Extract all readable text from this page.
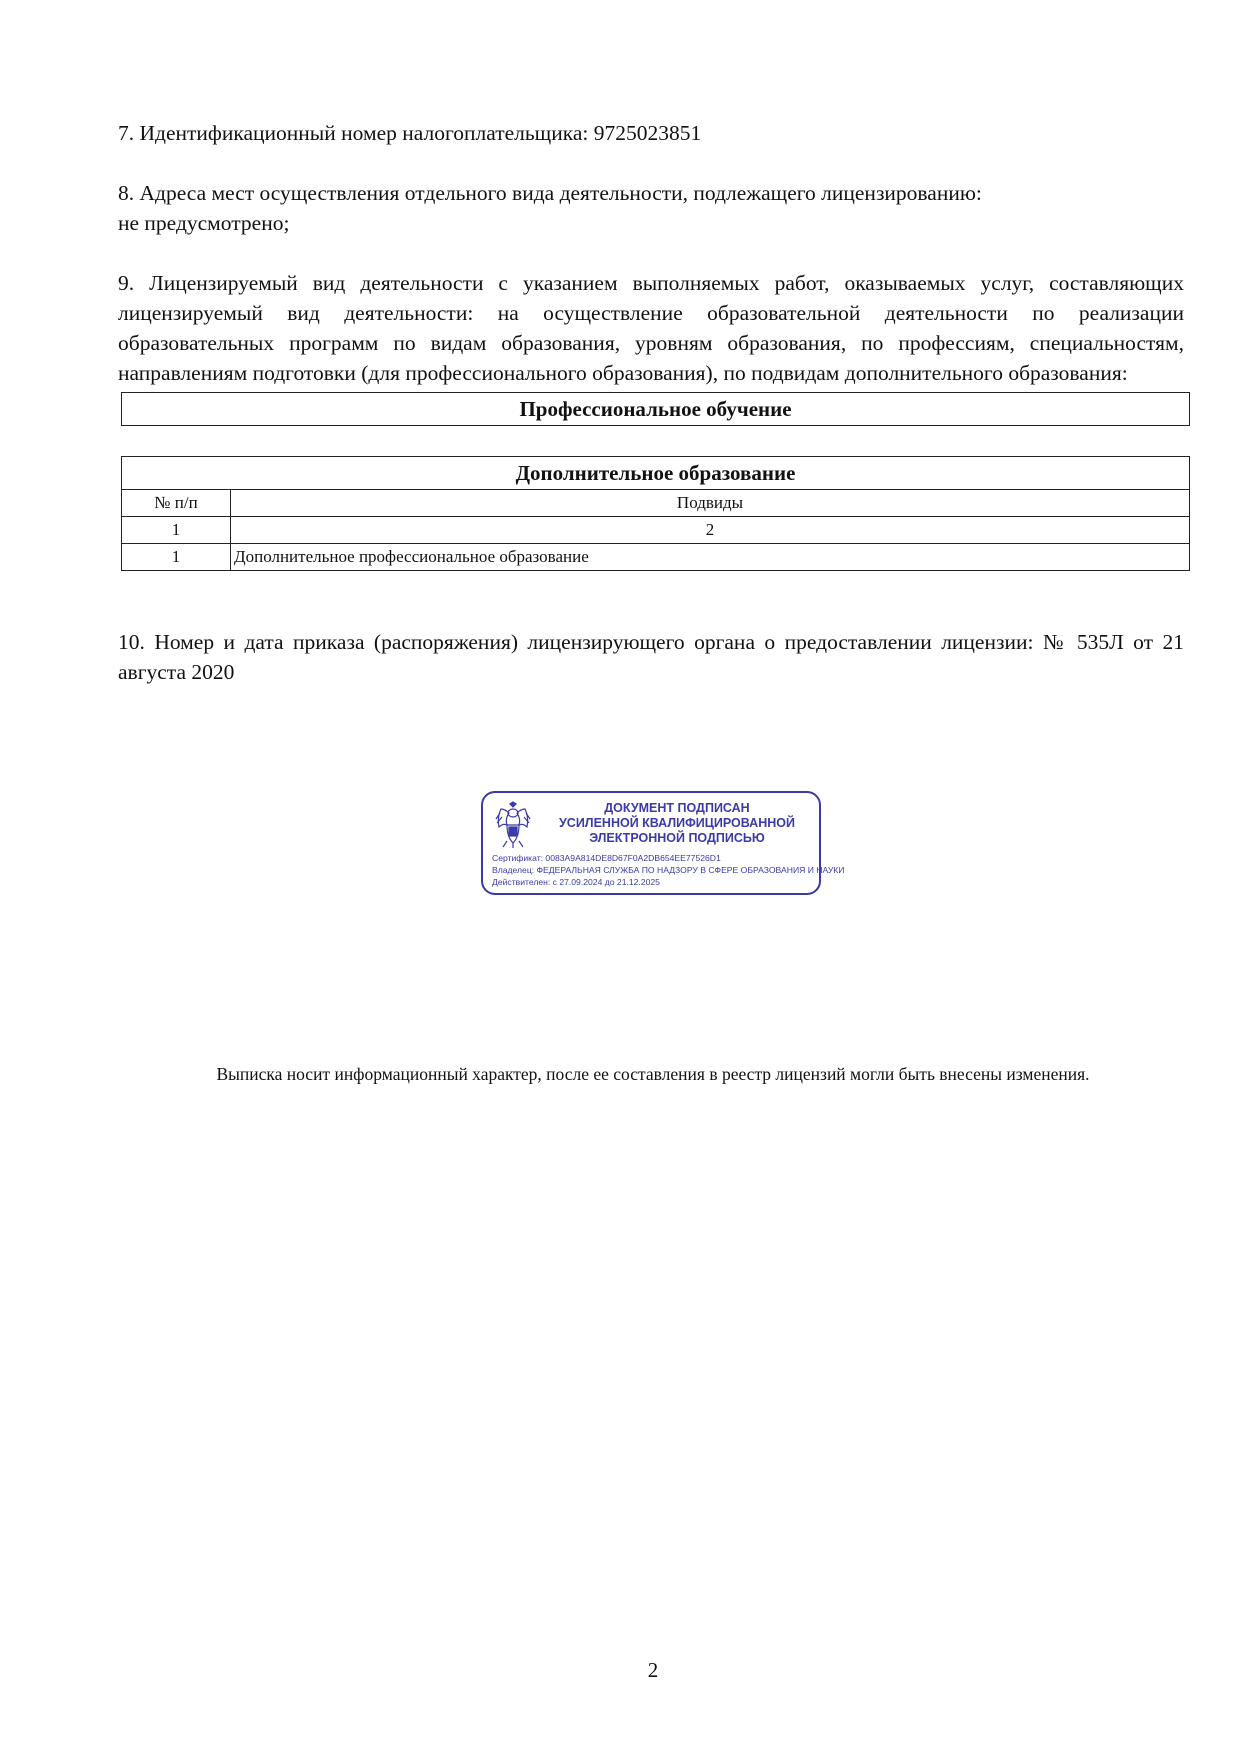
7. Идентификационный номер налогоплательщика: 9725023851

8. Адреса мест осуществления отдельного вида деятельности, подлежащего лицензированию:

не предусмотрено;

9. Лицензируемый вид деятельности с указанием выполняемых работ, оказываемых услуг, составляющих лицензируемый вид деятельности: на осуществление образовательной деятельности по реализации образовательных программ по видам образования, уровням образования, по профессиям, специальностям, направлениям подготовки (для профессионального образования), по подвидам дополнительного образования:

Профессиональное обучение
Дополнительное образование	
№ п/п	Подвиды
1	2
1	Дополнительное профессиональное образование

10. Номер и дата приказа (распоряжения) лицензирующего органа о предоставлении лицензии: № 535Л от 21 августа 2020

ДОКУМЕНТ ПОДПИСАН
УСИЛЕННОЙ КВАЛИФИЦИРОВАННОЙ
ЭЛЕКТРОННОЙ ПОДПИСЬЮ
Сертификат: 0083A9A814DE8D67F0A2DB654EE77526D1
Владелец: ФЕДЕРАЛЬНАЯ СЛУЖБА ПО НАДЗОРУ В СФЕРЕ ОБРАЗОВАНИЯ И НАУКИ
Действителен: с 27.09.2024 до 21.12.2025
Выписка носит информационный характер, после ее составления в реестр лицензий могли быть внесены изменения.
2
